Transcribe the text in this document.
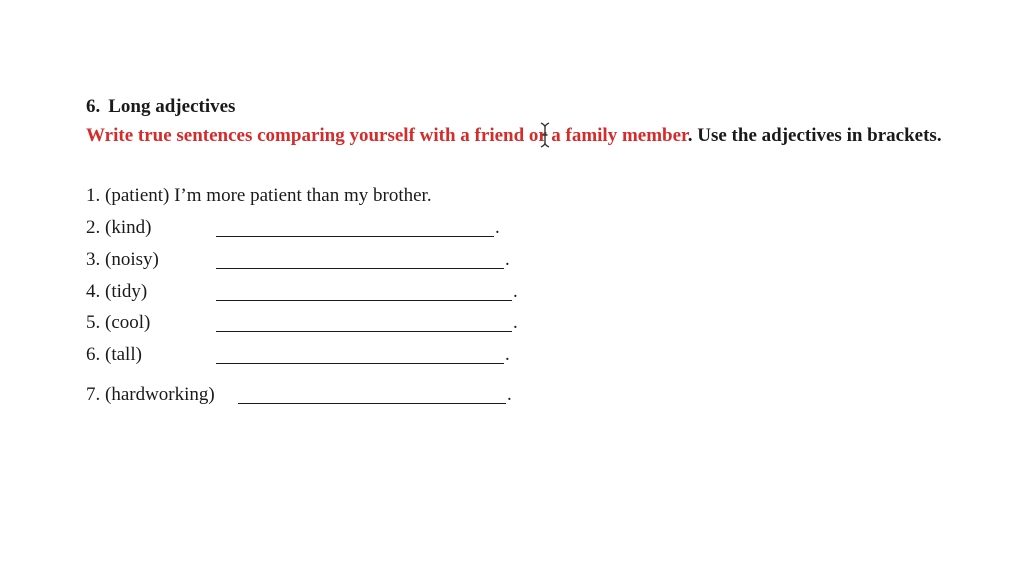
6. Long adjectives
Write true sentences comparing yourself with a friend or a family member. Use the adjectives in brackets.
1. (patient) I’m more patient than my brother.
2. (kind)	.
3. (noisy)	.
4. (tidy)	.
5. (cool)	.
6. (tall)	.
7. (hardworking)	.
